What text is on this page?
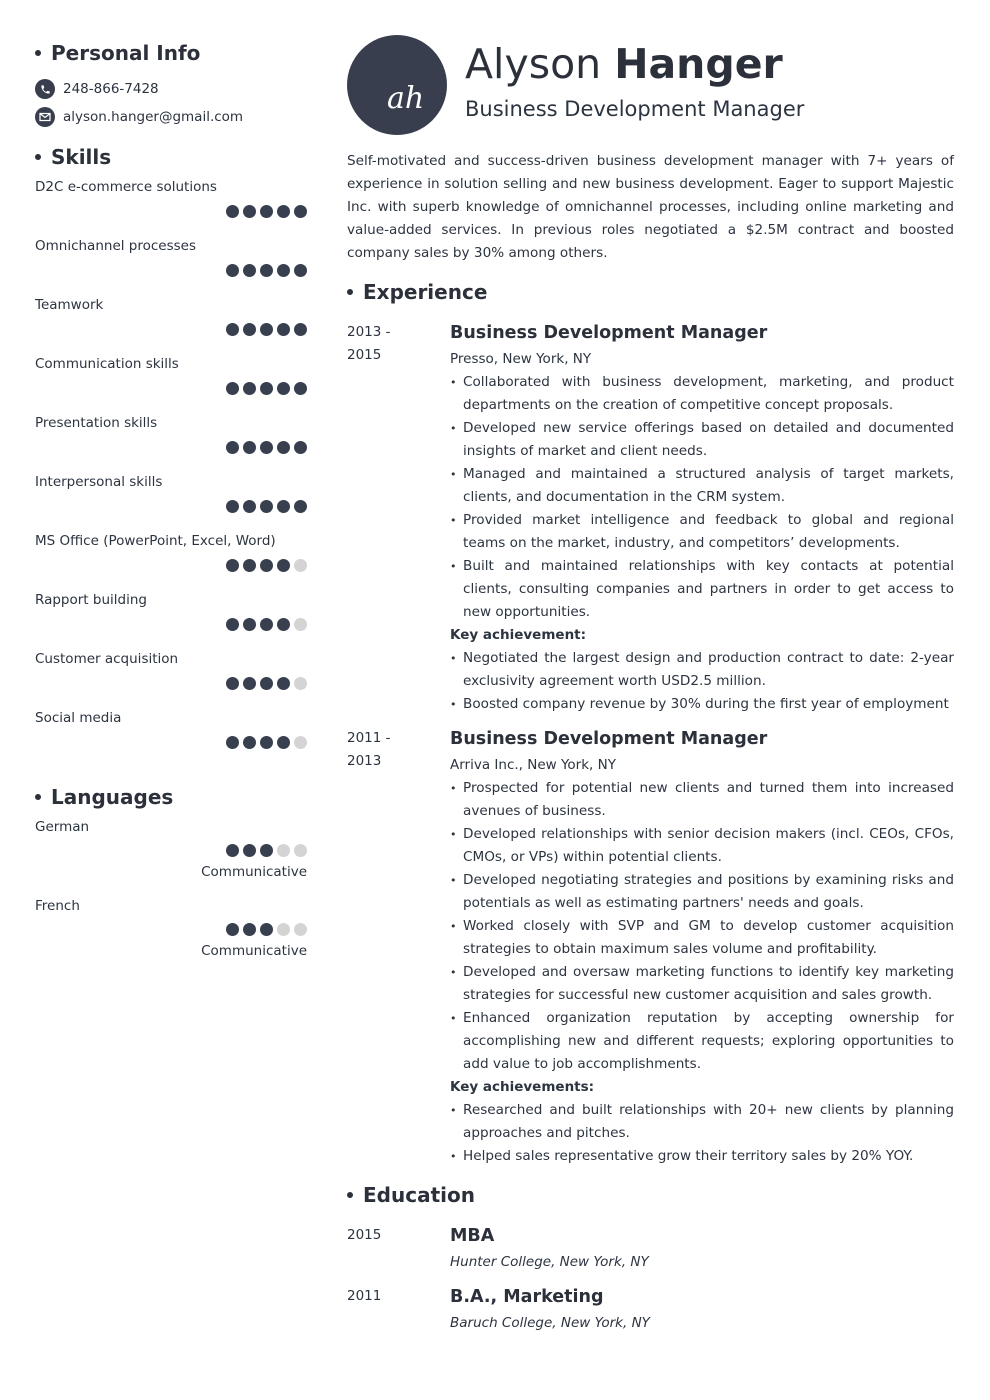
Personal Info
248-866-7428
alyson.hanger@gmail.com
Skills
D2C e-commerce solutions
Omnichannel processes
Teamwork
Communication skills
Presentation skills
Interpersonal skills
MS Office (PowerPoint, Excel, Word)
Rapport building
Customer acquisition
Social media
Languages
German
Communicative
French
Communicative
ah
Alyson Hanger
Business Development Manager
Self-motivated and success-driven business development manager with 7+ years of experience in solution selling and new business development. Eager to support Majestic Inc. with superb knowledge of omnichannel processes, including online marketing and value-added services. In previous roles negotiated a $2.5M contract and boosted company sales by 30% among others.
Experience
2013 -
2015
Business Development Manager
Presso, New York, NY
• Collaborated with business development, marketing, and product departments on the creation of competitive concept proposals.
• Developed new service offerings based on detailed and documented insights of market and client needs.
• Managed and maintained a structured analysis of target markets, clients, and documentation in the CRM system.
• Provided market intelligence and feedback to global and regional teams on the market, industry, and competitors’ developments.
• Built and maintained relationships with key contacts at potential clients, consulting companies and partners in order to get access to new opportunities.
Key achievement:
• Negotiated the largest design and production contract to date: 2-year exclusivity agreement worth USD2.5 million.
• Boosted company revenue by 30% during the first year of employment
2011 -
2013
Business Development Manager
Arriva Inc., New York, NY
• Prospected for potential new clients and turned them into increased avenues of business.
• Developed relationships with senior decision makers (incl. CEOs, CFOs, CMOs, or VPs) within potential clients.
• Developed negotiating strategies and positions by examining risks and potentials as well as estimating partners' needs and goals.
• Worked closely with SVP and GM to develop customer acquisition strategies to obtain maximum sales volume and profitability.
• Developed and oversaw marketing functions to identify key marketing strategies for successful new customer acquisition and sales growth.
• Enhanced organization reputation by accepting ownership for accomplishing new and different requests; exploring opportunities to add value to job accomplishments.
Key achievements:
• Researched and built relationships with 20+ new clients by planning approaches and pitches.
• Helped sales representative grow their territory sales by 20% YOY.
Education
2015	MBA
Hunter College, New York, NY
2011	B.A., Marketing
Baruch College, New York, NY
